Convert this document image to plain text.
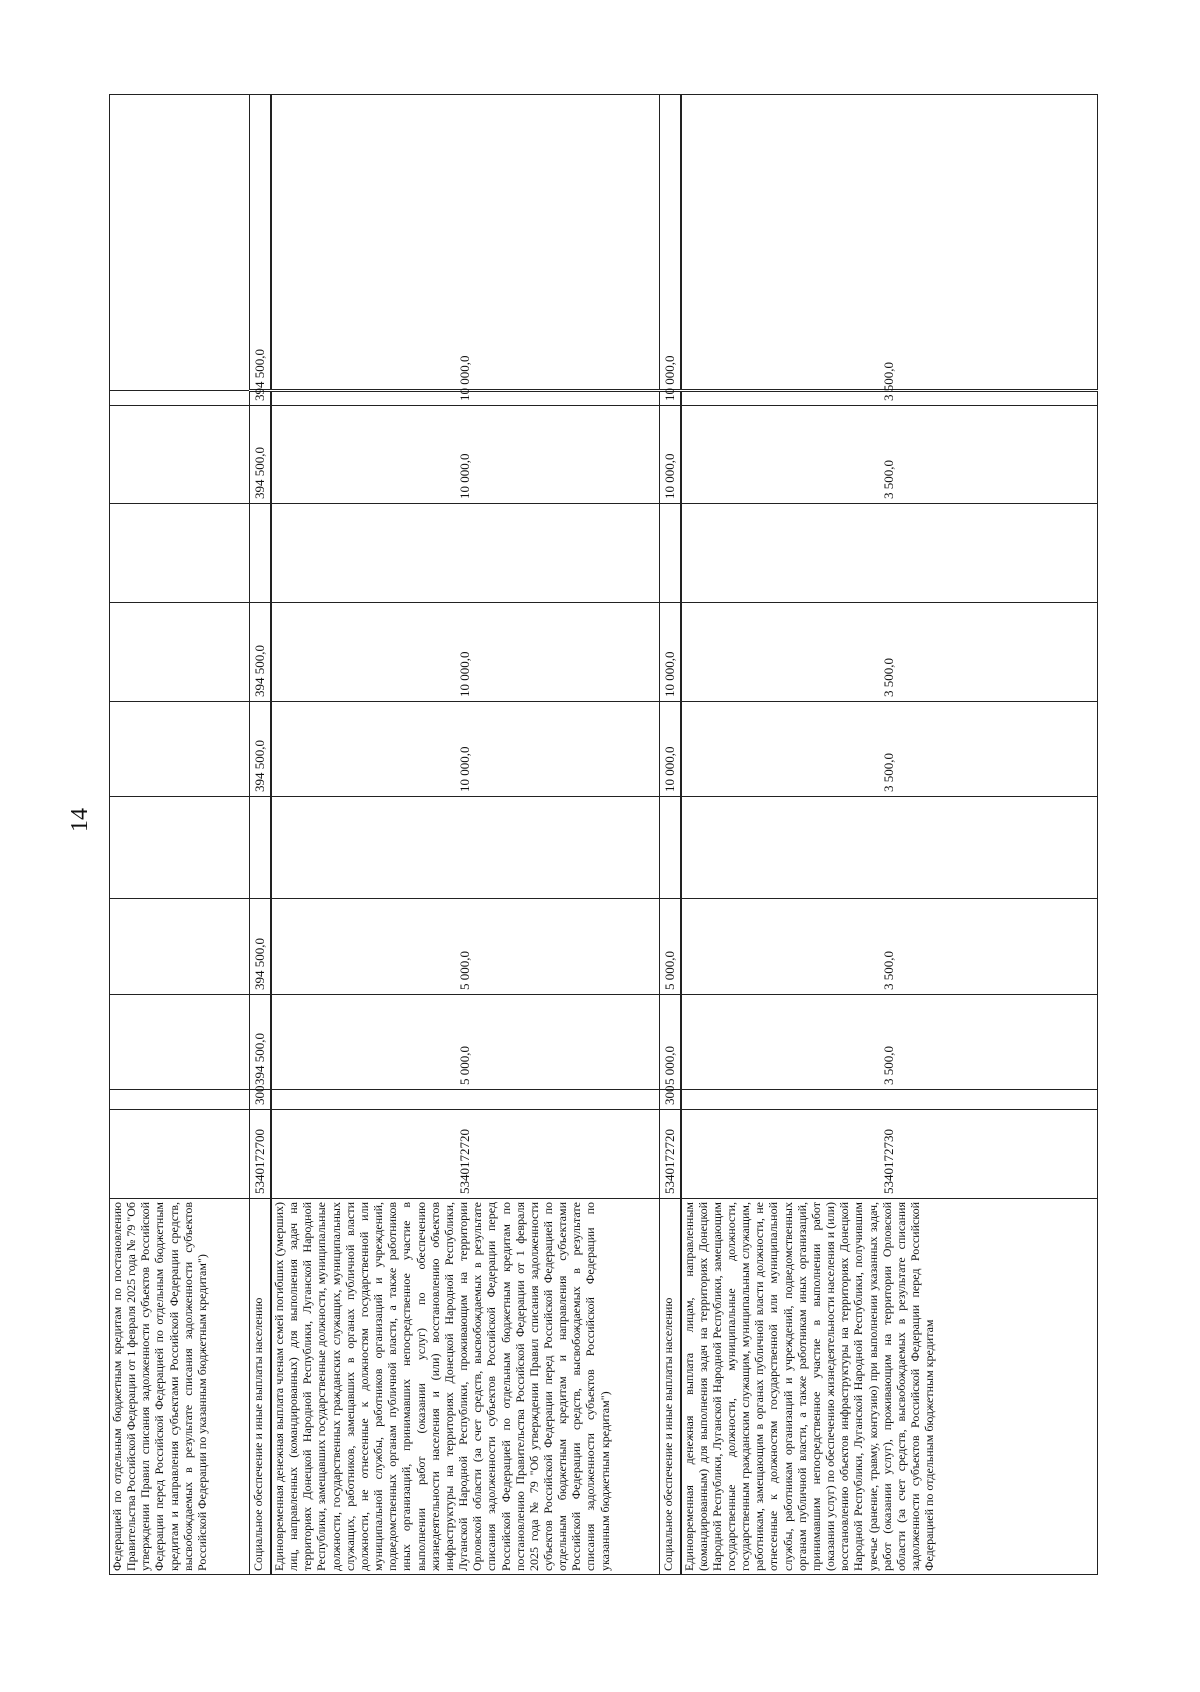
14
Федерацией по отдельным бюджетным кредитам по постановлению Правительства Российской Федерации от 1 февраля 2025 года № 79 "Об утверждении Правил списания задолженности субъектов Российской Федерации перед Российской Федерацией по отдельным бюджетным кредитам и направления субъектами Российской Федерации средств, высвобождаемых в результате списания задолженности субъектов Российской Федерации по указанным бюджетным кредитам")											
Социальное обеспечение и иные выплаты населению	5340172700	300	394 500,0	394 500,0		394 500,0	394 500,0		394 500,0	394 500,0	
Единовременная денежная выплата членам семей погибших (умерших) лиц, направленных (командированных) для выполнения задач на территориях Донецкой Народной Республики, Луганской Народной Республики, замещавших государственные должности, муниципальные должности, государственных гражданских служащих, муниципальных служащих, работников, замещавших в органах публичной власти должности, не отнесенные к должностям государственной или муниципальной службы, работников организаций и учреждений, подведомственных органам публичной власти, а также работников иных организаций, принимавших непосредственное участие в выполнении работ (оказании услуг) по обеспечению жизнедеятельности населения и (или) восстановлению объектов инфраструктуры на территориях Донецкой Народной Республики, Луганской Народной Республики, проживающим на территории Орловской области (за счет средств, высвобождаемых в результате списания задолженности субъектов Российской Федерации перед Российской Федерацией по отдельным бюджетным кредитам по постановлению Правительства Российской Федерации от 1 февраля 2025 года № 79 "Об утверждении Правил списания задолженности субъектов Российской Федерации перед Российской Федерацией по отдельным бюджетным кредитам и направления субъектами Российской Федерации средств, высвобождаемых в результате списания задолженности субъектов Российской Федерации по указанным бюджетным кредитам")	5340172720		5 000,0	5 000,0		10 000,0	10 000,0		10 000,0	10 000,0	
Социальное обеспечение и иные выплаты населению	5340172720	300	5 000,0	5 000,0		10 000,0	10 000,0		10 000,0	10 000,0	
Единовременная денежная выплата лицам, направленным (командированным) для выполнения задач на территориях Донецкой Народной Республики, Луганской Народной Республики, замещающим государственные должности, муниципальные должности, государственным гражданским служащим, муниципальным служащим, работникам, замещающим в органах публичной власти должности, не отнесенные к должностям государственной или муниципальной службы, работникам организаций и учреждений, подведомственных органам публичной власти, а также работникам иных организаций, принимавшим непосредственное участие в выполнении работ (оказании услуг) по обеспечению жизнедеятельности населения и (или) восстановлению объектов инфраструктуры на территориях Донецкой Народной Республики, Луганской Народной Республики, получившим увечье (ранение, травму, контузию) при выполнении указанных задач, работ (оказании услуг), проживающим на территории Орловской области (за счет средств, высвобождаемых в результате списания задолженности субъектов Российской Федерации перед Российской Федерацией по отдельным бюджетным кредитам	5340172730		3 500,0	3 500,0		3 500,0	3 500,0		3 500,0	3 500,0	
